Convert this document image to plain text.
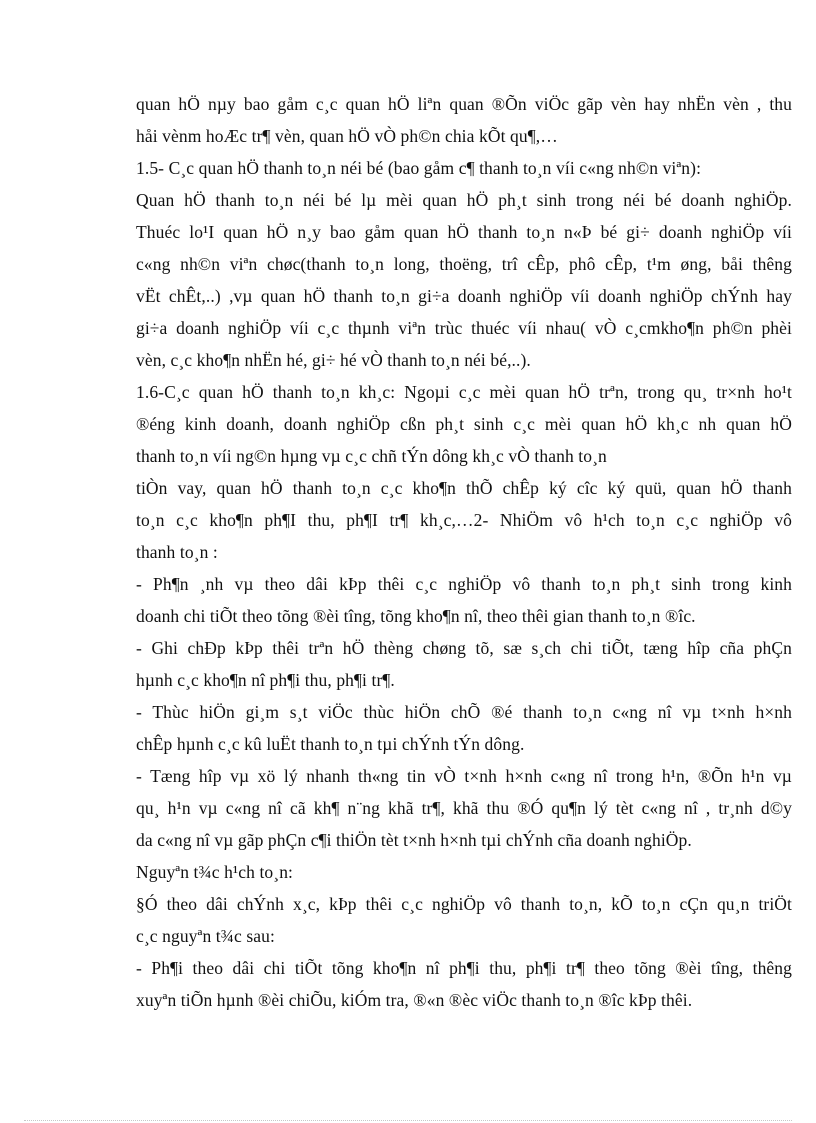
quan hÖ nµy bao gåm c¸c quan hÖ liªn quan ®Õn viÖc gãp vèn hay nhËn vèn , thu
håi vènm hoÆc tr¶ vèn, quan hÖ vÒ ph©n chia kÕt qu¶,…
1.5- C¸c quan hÖ thanh to¸n néi bé (bao gåm c¶ thanh to¸n víi c«ng nh©n viªn):
Quan hÖ thanh to¸n néi bé lµ mèi quan hÖ ph¸t sinh trong néi bé doanh nghiÖp.
Thuéc lo¹I quan hÖ n¸y bao gåm quan hÖ thanh to¸n n«Þ bé gi÷ doanh nghiÖp víi
c«ng nh©n viªn chøc(thanh to¸n long, thoëng, trî cÊp, phô cÊp, t¹m øng, båi thêng
vËt chÊt,..) ,vµ quan hÖ thanh to¸n gi÷a doanh nghiÖp víi doanh nghiÖp chÝnh hay
gi÷a doanh nghiÖp víi c¸c thµnh viªn trùc thuéc víi nhau( vÒ c¸cmkho¶n ph©n phèi
vèn, c¸c kho¶n nhËn hé, gi÷ hé vÒ thanh to¸n néi bé,..).
1.6-C¸c quan hÖ thanh to¸n kh¸c: Ngoµi c¸c mèi quan hÖ trªn, trong qu¸ tr×nh ho¹t
®éng kinh doanh, doanh nghiÖp cßn ph¸t sinh c¸c mèi quan hÖ kh¸c nh quan hÖ
thanh to¸n víi ng©n hµng vµ c¸c chñ tÝn dông kh¸c vÒ thanh to¸n
tiÒn vay, quan hÖ thanh to¸n c¸c kho¶n thÕ chÊp ký cîc ký quü, quan hÖ thanh
to¸n c¸c kho¶n ph¶I thu, ph¶I tr¶ kh¸c,…2- NhiÖm vô h¹ch to¸n c¸c nghiÖp vô
thanh to¸n :
- Ph¶n ¸nh vµ theo dâi kÞp thêi c¸c nghiÖp vô thanh to¸n ph¸t sinh trong kinh
doanh chi tiÕt theo tõng ®èi tîng, tõng kho¶n nî, theo thêi gian thanh to¸n ®îc.
- Ghi chÐp kÞp thêi trªn hÖ thèng chøng tõ, sæ s¸ch chi tiÕt, tæng hîp cña phÇn
hµnh c¸c kho¶n nî ph¶i thu, ph¶i tr¶.
- Thùc hiÖn gi¸m s¸t viÖc thùc hiÖn chÕ ®é thanh to¸n c«ng nî vµ t×nh h×nh
chÊp hµnh c¸c kû luËt thanh to¸n tµi chÝnh tÝn dông.
- Tæng hîp vµ xö lý nhanh th«ng tin vÒ t×nh h×nh c«ng nî trong h¹n, ®Õn h¹n vµ
qu¸ h¹n vµ c«ng nî cã kh¶ n¨ng khã tr¶, khã thu ®Ó qu¶n lý tèt c«ng nî , tr¸nh d©y
da c«ng nî vµ gãp phÇn c¶i thiÖn tèt t×nh h×nh tµi chÝnh cña doanh nghiÖp.
Nguyªn t¾c h¹ch to¸n:
§Ó theo dâi chÝnh x¸c, kÞp thêi c¸c nghiÖp vô thanh to¸n, kÕ to¸n cÇn qu¸n triÖt
c¸c nguyªn t¾c sau:
- Ph¶i theo dâi chi tiÕt tõng kho¶n nî ph¶i thu, ph¶i tr¶ theo tõng ®èi tîng, thêng
xuyªn tiÕn hµnh ®èi chiÕu, kiÓm tra, ®«n ®èc viÖc thanh to¸n ®îc kÞp thêi.
